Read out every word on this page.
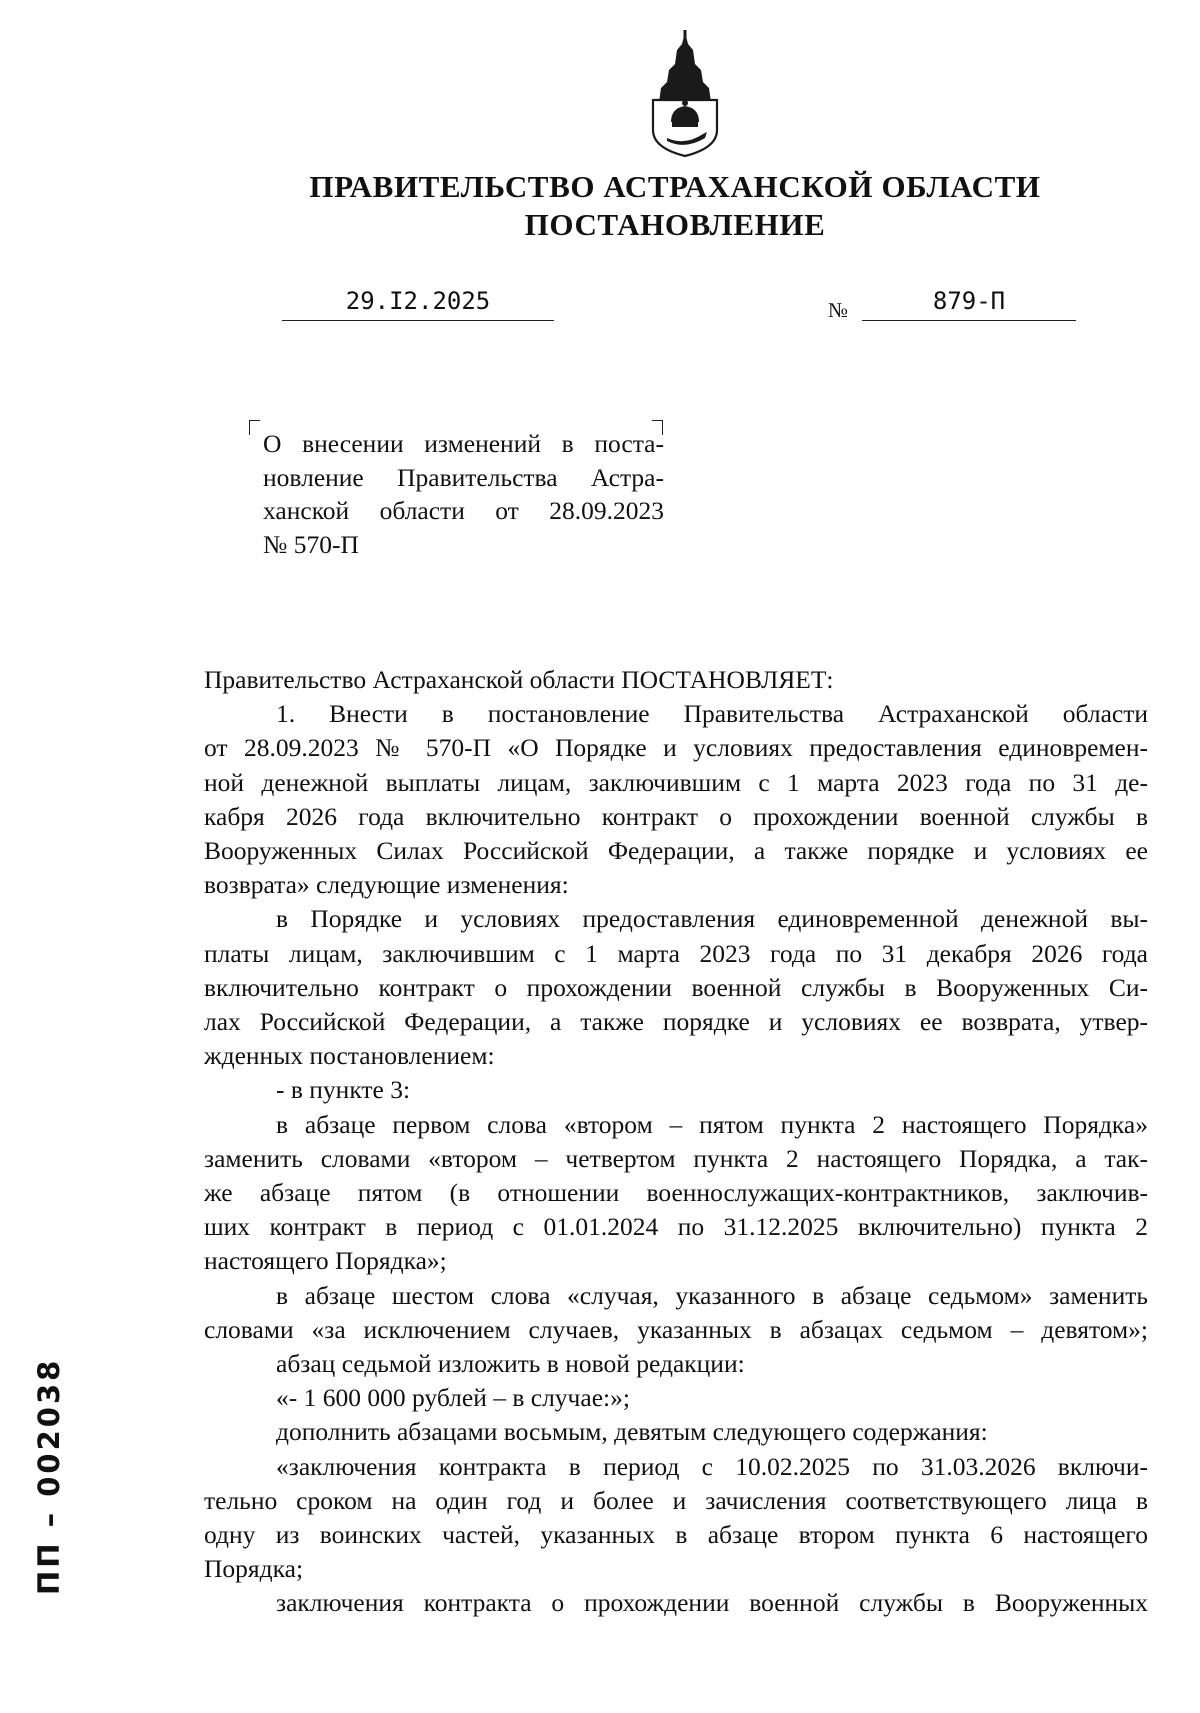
ПРАВИТЕЛЬСТВО АСТРАХАНСКОЙ ОБЛАСТИ
ПОСТАНОВЛЕНИЕ
29.I2.2025	№	879-П
О внесении изменений в поста-
новление Правительства Астра-
ханской области от 28.09.2023
№ 570-П
Правительство Астраханской области ПОСТАНОВЛЯЕТ:
1. Внести в постановление Правительства Астраханской области
от 28.09.2023 № 570-П «О Порядке и условиях предоставления единовремен-
ной денежной выплаты лицам, заключившим с 1 марта 2023 года по 31 де-
кабря 2026 года включительно контракт о прохождении военной службы в
Вооруженных Силах Российской Федерации, а также порядке и условиях ее
возврата» следующие изменения:
в Порядке и условиях предоставления единовременной денежной вы-
платы лицам, заключившим с 1 марта 2023 года по 31 декабря 2026 года
включительно контракт о прохождении военной службы в Вооруженных Си-
лах Российской Федерации, а также порядке и условиях ее возврата, утвер-
жденных постановлением:
- в пункте 3:
в абзаце первом слова «втором – пятом пункта 2 настоящего Порядка»
заменить словами «втором – четвертом пункта 2 настоящего Порядка, а так-
же абзаце пятом (в отношении военнослужащих-контрактников, заключив-
ших контракт в период с 01.01.2024 по 31.12.2025 включительно) пункта 2
настоящего Порядка»;
в абзаце шестом слова «случая, указанного в абзаце седьмом» заменить
словами «за исключением случаев, указанных в абзацах седьмом – девятом»;
абзац седьмой изложить в новой редакции:
«- 1 600 000 рублей – в случае:»;
дополнить абзацами восьмым, девятым следующего содержания:
«заключения контракта в период с 10.02.2025 по 31.03.2026 включи-
тельно сроком на один год и более и зачисления соответствующего лица в
одну из воинских частей, указанных в абзаце втором пункта 6 настоящего
Порядка;
заключения контракта о прохождении военной службы в Вооруженных
ПП – 002038
